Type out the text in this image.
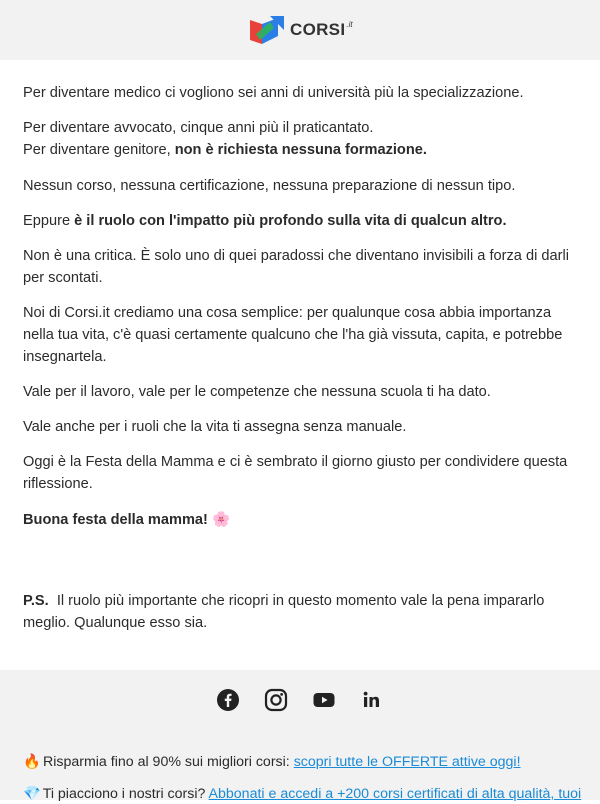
CORSI .it

Per diventare medico ci vogliono sei anni di università più la specializzazione.

Per diventare avvocato, cinque anni più il praticantato.
Per diventare genitore, non è richiesta nessuna formazione.

Nessun corso, nessuna certificazione, nessuna preparazione di nessun tipo.

Eppure è il ruolo con l'impatto più profondo sulla vita di qualcun altro.

Non è una critica. È solo uno di quei paradossi che diventano invisibili a forza di darli per scontati.

Noi di Corsi.it crediamo una cosa semplice: per qualunque cosa abbia importanza nella tua vita, c'è quasi certamente qualcuno che l'ha già vissuta, capita, e potrebbe insegnartela.

Vale per il lavoro, vale per le competenze che nessuna scuola ti ha dato.

Vale anche per i ruoli che la vita ti assegna senza manuale.

Oggi è la Festa della Mamma e ci è sembrato il giorno giusto per condividere questa riflessione.

Buona festa della mamma! 🌸

P.S. Il ruolo più importante che ricopri in questo momento vale la pena impararlo meglio. Qualunque esso sia.

🔥 Risparmia fino al 90% sui migliori corsi: scopri tutte le OFFERTE attive oggi!
💎 Ti piacciono i nostri corsi? Abbonati e accedi a +200 corsi certificati di alta qualità, tuoi
